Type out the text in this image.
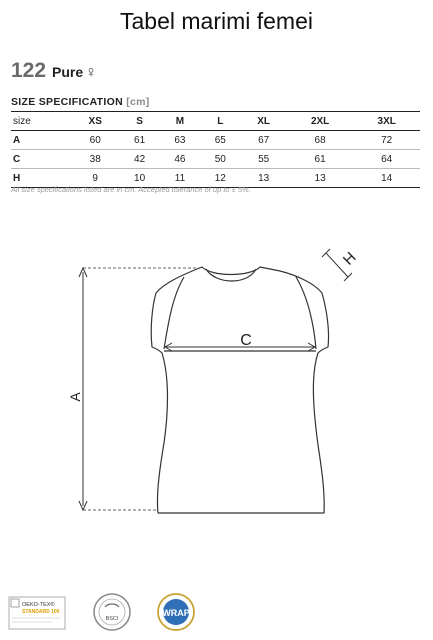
Tabel marimi femei
122 Pure ♀
SIZE SPECIFICATION [cm]
size	XS	S	M	L	XL	2XL	3XL
A	60	61	63	65	67	68	72
C	38	42	46	50	55	61	64
H	9	10	11	12	13	13	14
All size specifications listed are in cm. Accepted tolerance of up to ± 5%.
A
C
H
OEKO-TEX®
STANDARD 100
BSCI
WRAP
